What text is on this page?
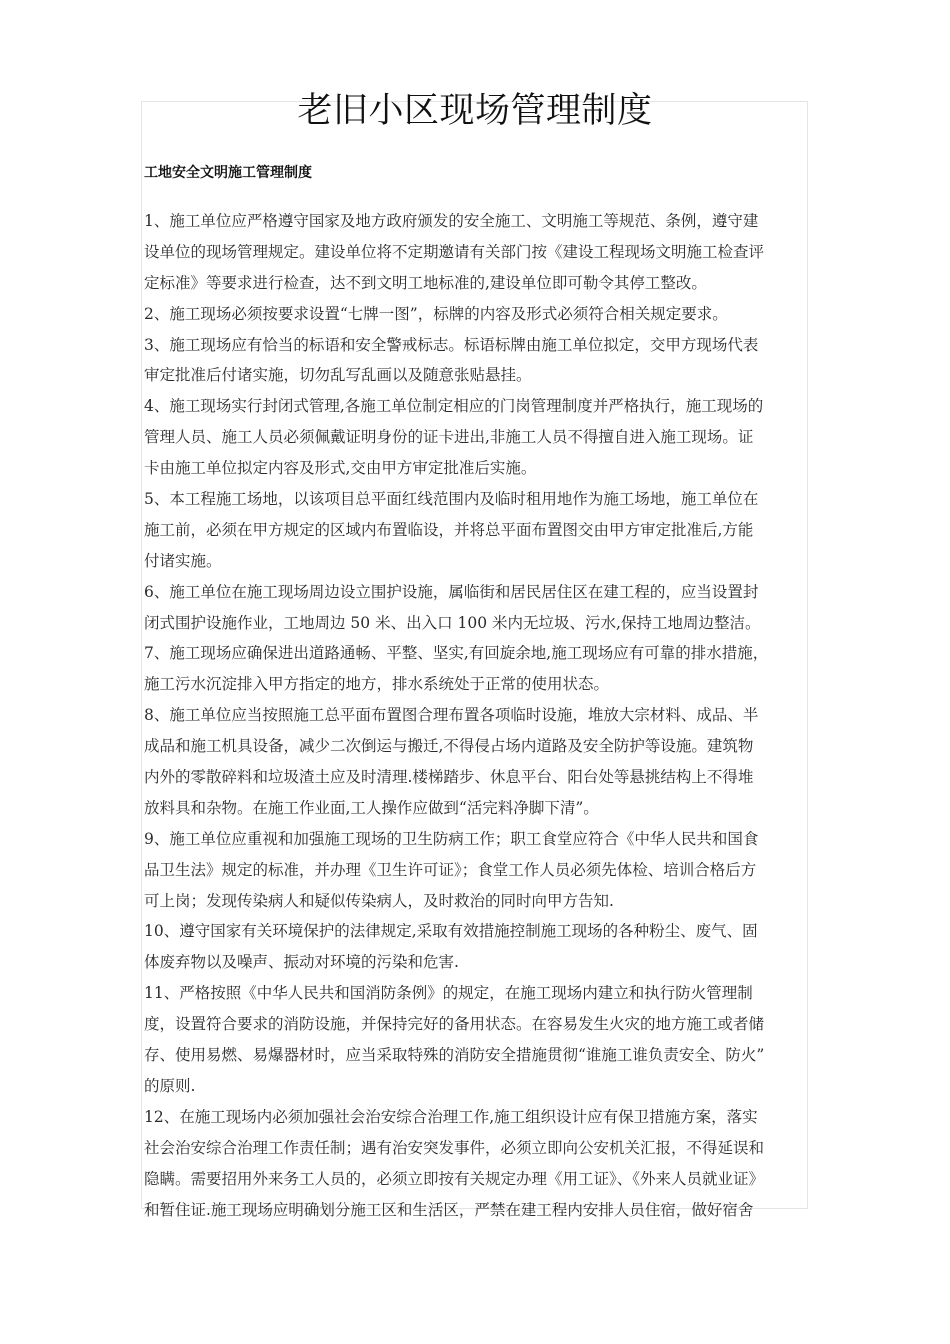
老旧小区现场管理制度
工地安全文明施工管理制度
1、施工单位应严格遵守国家及地方政府颁发的安全施工、文明施工等规范、条例，遵守建
设单位的现场管理规定。建设单位将不定期邀请有关部门按《建设工程现场文明施工检查评
定标准》等要求进行检查，达不到文明工地标准的,建设单位即可勒令其停工整改。
2、施工现场必须按要求设置“七牌一图”，标牌的内容及形式必须符合相关规定要求。
3、施工现场应有恰当的标语和安全警戒标志。标语标牌由施工单位拟定，交甲方现场代表
审定批准后付诸实施，切勿乱写乱画以及随意张贴悬挂。
4、施工现场实行封闭式管理,各施工单位制定相应的门岗管理制度并严格执行，施工现场的
管理人员、施工人员必须佩戴证明身份的证卡进出,非施工人员不得擅自进入施工现场。证
卡由施工单位拟定内容及形式,交由甲方审定批准后实施。
5、本工程施工场地，以该项目总平面红线范围内及临时租用地作为施工场地，施工单位在
施工前，必须在甲方规定的区域内布置临设，并将总平面布置图交由甲方审定批准后,方能
付诸实施。
6、施工单位在施工现场周边设立围护设施，属临街和居民居住区在建工程的，应当设置封
闭式围护设施作业，工地周边 50 米、出入口 100 米内无垃圾、污水,保持工地周边整洁。
7、施工现场应确保进出道路通畅、平整、坚实,有回旋余地,施工现场应有可靠的排水措施，
施工污水沉淀排入甲方指定的地方，排水系统处于正常的使用状态。
8、施工单位应当按照施工总平面布置图合理布置各项临时设施，堆放大宗材料、成品、半
成品和施工机具设备，减少二次倒运与搬迁,不得侵占场内道路及安全防护等设施。建筑物
内外的零散碎料和垃圾渣土应及时清理.楼梯踏步、休息平台、阳台处等悬挑结构上不得堆
放料具和杂物。在施工作业面,工人操作应做到“活完料净脚下清”。
9、施工单位应重视和加强施工现场的卫生防病工作；职工食堂应符合《中华人民共和国食
品卫生法》规定的标准，并办理《卫生许可证》；食堂工作人员必须先体检、培训合格后方
可上岗；发现传染病人和疑似传染病人，及时救治的同时向甲方告知.
10、遵守国家有关环境保护的法律规定,采取有效措施控制施工现场的各种粉尘、废气、固
体废弃物以及噪声、振动对环境的污染和危害.
11、严格按照《中华人民共和国消防条例》的规定，在施工现场内建立和执行防火管理制
度，设置符合要求的消防设施，并保持完好的备用状态。在容易发生火灾的地方施工或者储
存、使用易燃、易爆器材时，应当采取特殊的消防安全措施贯彻“谁施工谁负责安全、防火”
的原则.
12、在施工现场内必须加强社会治安综合治理工作,施工组织设计应有保卫措施方案，落实
社会治安综合治理工作责任制；遇有治安突发事件，必须立即向公安机关汇报，不得延误和
隐瞒。需要招用外来务工人员的，必须立即按有关规定办理《用工证》、《外来人员就业证》
和暂住证.施工现场应明确划分施工区和生活区，严禁在建工程内安排人员住宿，做好宿舍
